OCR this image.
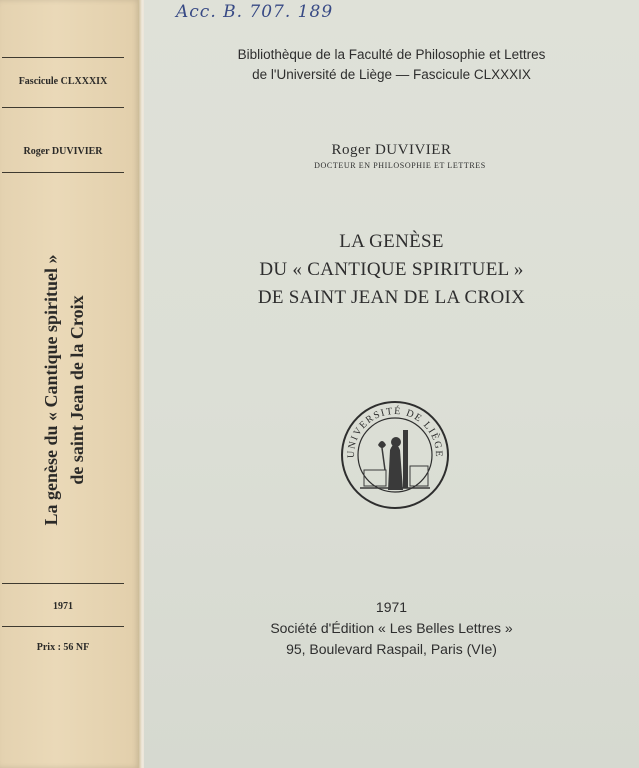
Fascicule CLXXXIX
Roger DUVIVIER
La genèse du « Cantique spirituel » de saint Jean de la Croix
1971
Prix : 56 NF
Acc. B. 707. 189
Bibliothèque de la Faculté de Philosophie et Lettres
de l'Université de Liège — Fascicule CLXXXIX
Roger DUVIVIER
DOCTEUR EN PHILOSOPHIE ET LETTRES
LA GENÈSE
DU « CANTIQUE SPIRITUEL »
DE SAINT JEAN DE LA CROIX
UNIVERSITÉ DE LIÈGE
1971
Société d'Édition « Les Belles Lettres »
95, Boulevard Raspail, Paris (VIe)
